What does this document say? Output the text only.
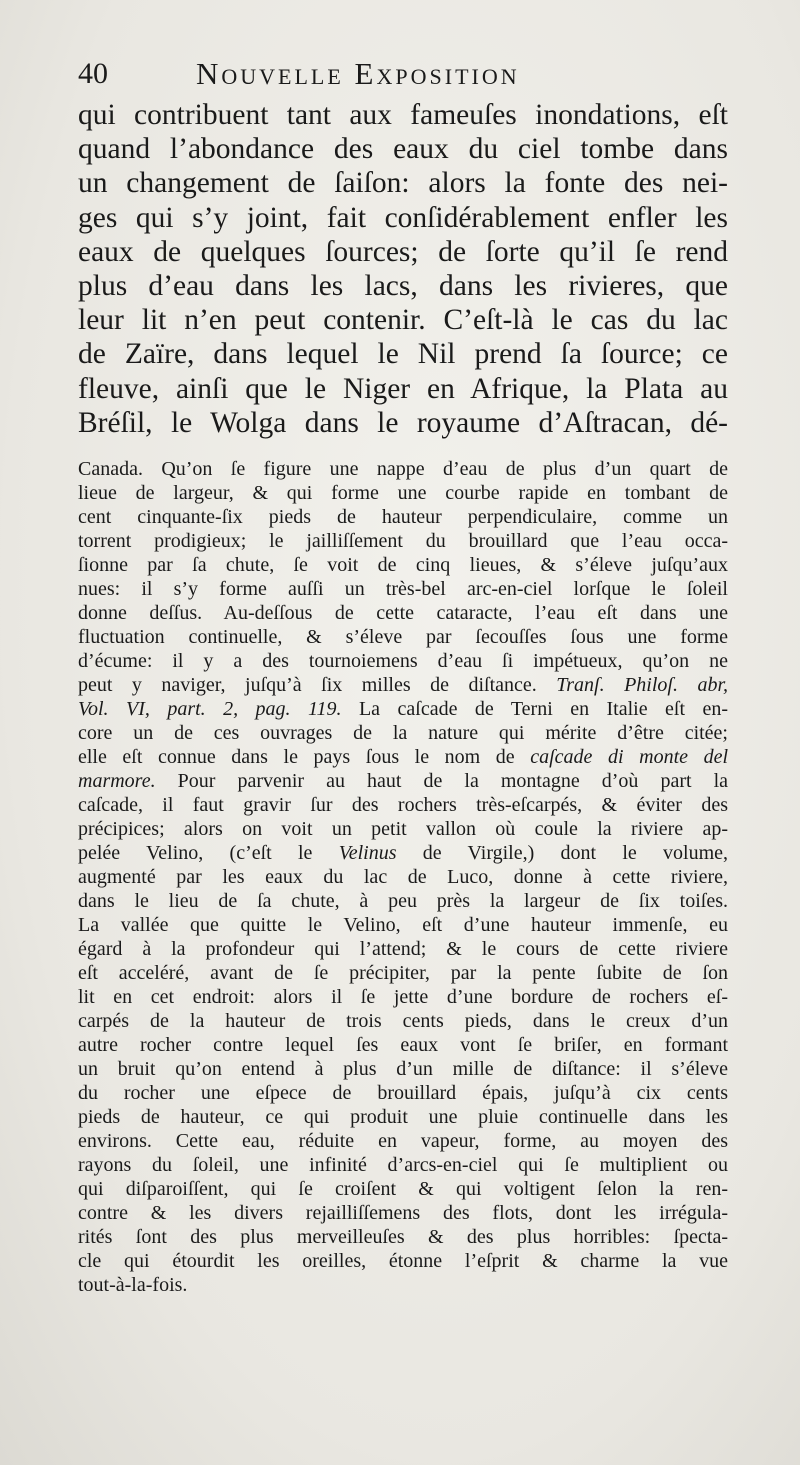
40	Nouvelle Exposition
qui contribuent tant aux fameuſes inondations, eſt
quand l’abondance des eaux du ciel tombe dans
un changement de ſaiſon: alors la fonte des nei-
ges qui s’y joint, fait conſidérablement enfler les
eaux de quelques ſources; de ſorte qu’il ſe rend
plus d’eau dans les lacs, dans les rivieres, que
leur lit n’en peut contenir. C’eſt-là le cas du lac
de Zaïre, dans lequel le Nil prend ſa ſource; ce
fleuve, ainſi que le Niger en Afrique, la Plata au
Bréſil, le Wolga dans le royaume d’Aſtracan, dé-
Canada. Qu’on ſe figure une nappe d’eau de plus d’un quart de
lieue de largeur, & qui forme une courbe rapide en tombant de
cent cinquante-ſix pieds de hauteur perpendiculaire, comme un
torrent prodigieux; le jailliſſement du brouillard que l’eau occa-
ſionne par ſa chute, ſe voit de cinq lieues, & s’éleve juſqu’aux
nues: il s’y forme auſſi un très-bel arc-en-ciel lorſque le ſoleil
donne deſſus. Au-deſſous de cette cataracte, l’eau eſt dans une
fluctuation continuelle, & s’éleve par ſecouſſes ſous une forme
d’écume: il y a des tournoiemens d’eau ſi impétueux, qu’on ne
peut y naviger, juſqu’à ſix milles de diſtance. Tranſ. Philoſ. abr,
Vol. VI, part. 2, pag. 119. La caſcade de Terni en Italie eſt en-
core un de ces ouvrages de la nature qui mérite d’être citée;
elle eſt connue dans le pays ſous le nom de caſcade di monte del
marmore. Pour parvenir au haut de la montagne d’où part la
caſcade, il faut gravir ſur des rochers très-eſcarpés, & éviter des
précipices; alors on voit un petit vallon où coule la riviere ap-
pelée Velino, (c’eſt le Velinus de Virgile,) dont le volume,
augmenté par les eaux du lac de Luco, donne à cette riviere,
dans le lieu de ſa chute, à peu près la largeur de ſix toiſes.
La vallée que quitte le Velino, eſt d’une hauteur immenſe, eu
égard à la profondeur qui l’attend; & le cours de cette riviere
eſt acceléré, avant de ſe précipiter, par la pente ſubite de ſon
lit en cet endroit: alors il ſe jette d’une bordure de rochers eſ-
carpés de la hauteur de trois cents pieds, dans le creux d’un
autre rocher contre lequel ſes eaux vont ſe briſer, en formant
un bruit qu’on entend à plus d’un mille de diſtance: il s’éleve
du rocher une eſpece de brouillard épais, juſqu’à cix cents
pieds de hauteur, ce qui produit une pluie continuelle dans les
environs. Cette eau, réduite en vapeur, forme, au moyen des
rayons du ſoleil, une infinité d’arcs-en-ciel qui ſe multiplient ou
qui diſparoiſſent, qui ſe croiſent & qui voltigent ſelon la ren-
contre & les divers rejailliſſemens des flots, dont les irrégula-
rités ſont des plus merveilleuſes & des plus horribles: ſpecta-
cle qui étourdit les oreilles, étonne l’eſprit & charme la vue
tout-à-la-fois.
